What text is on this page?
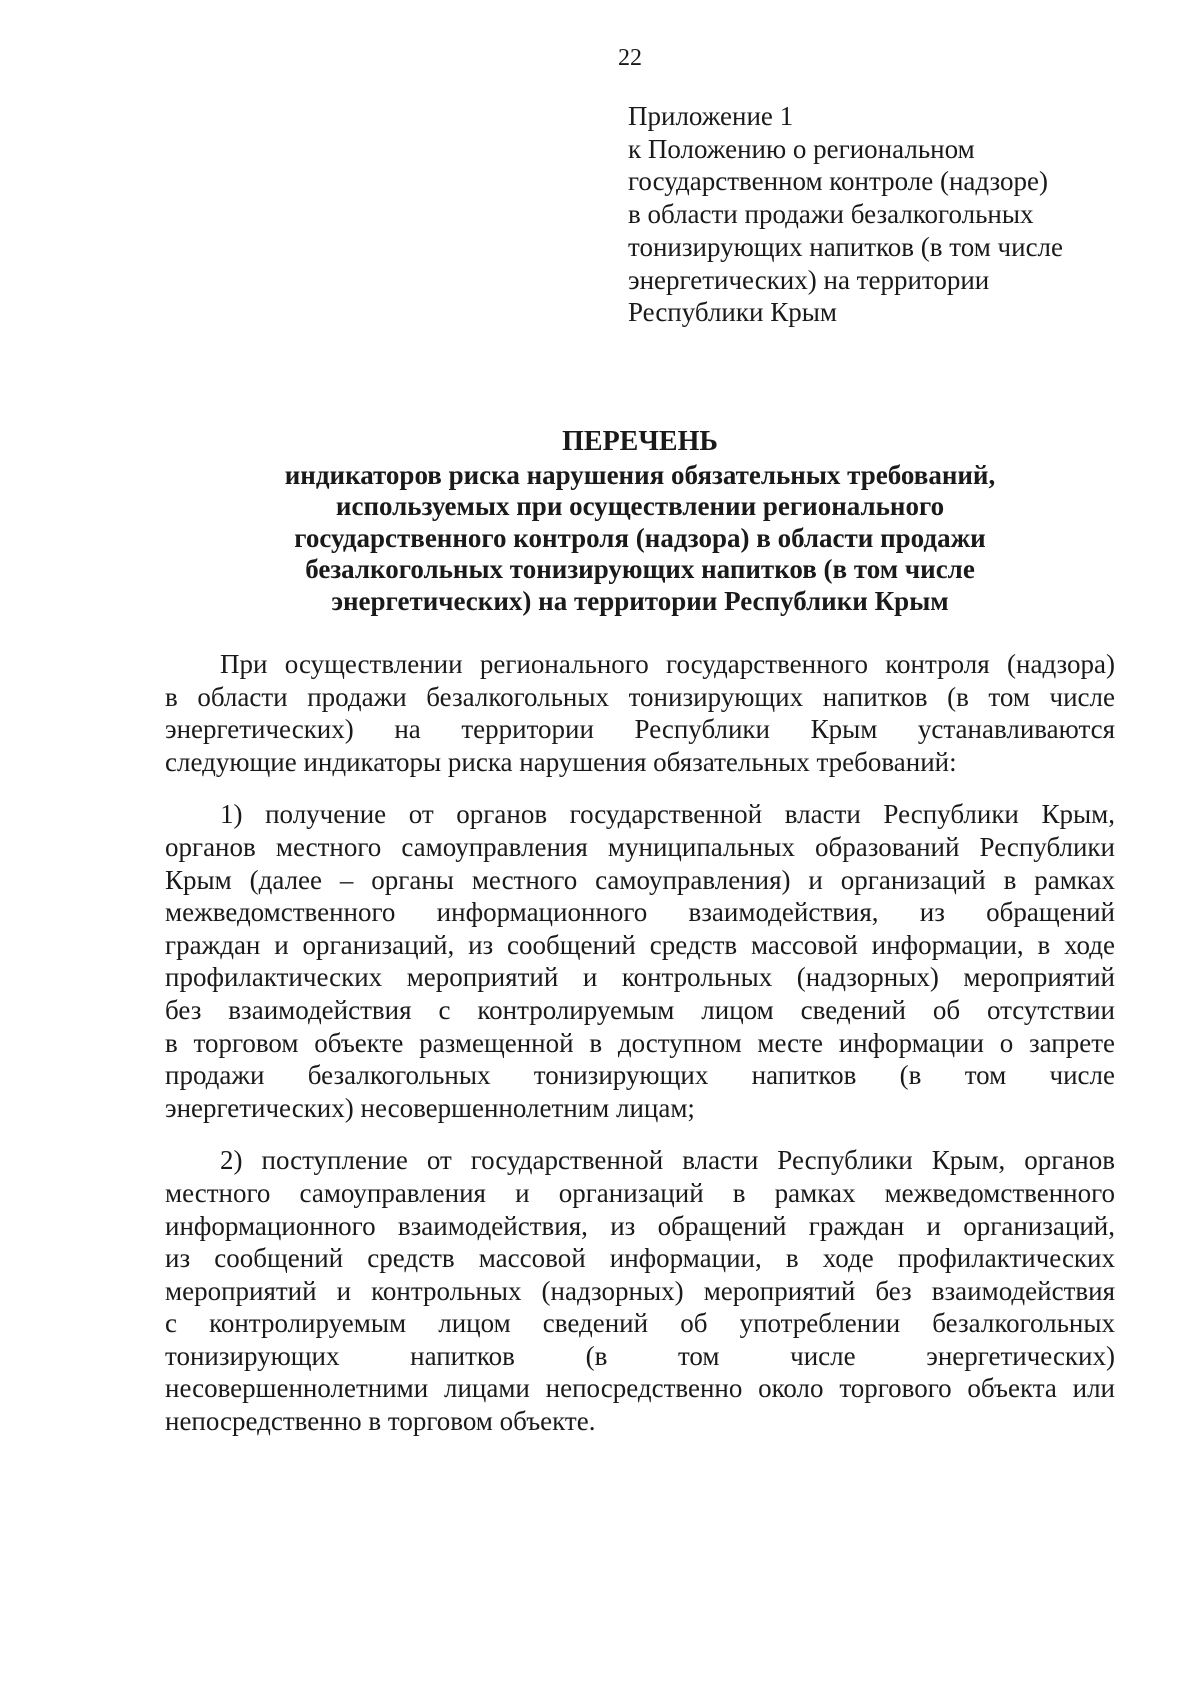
22
Приложение 1
к Положению о региональном
государственном контроле (надзоре)
в области продажи безалкогольных
тонизирующих напитков (в том числе
энергетических) на территории
Республики Крым
ПЕРЕЧЕНЬ
индикаторов риска нарушения обязательных требований,
используемых при осуществлении регионального
государственного контроля (надзора) в области продажи
безалкогольных тонизирующих напитков (в том числе
энергетических) на территории Республики Крым
При осуществлении регионального государственного контроля (надзора)
в области продажи безалкогольных тонизирующих напитков (в том числе
энергетических) на территории Республики Крым устанавливаются
следующие индикаторы риска нарушения обязательных требований:
1) получение от органов государственной власти Республики Крым,
органов местного самоуправления муниципальных образований Республики
Крым (далее – органы местного самоуправления) и организаций в рамках
межведомственного информационного взаимодействия, из обращений
граждан и организаций, из сообщений средств массовой информации, в ходе
профилактических мероприятий и контрольных (надзорных) мероприятий
без взаимодействия с контролируемым лицом сведений об отсутствии
в торговом объекте размещенной в доступном месте информации о запрете
продажи безалкогольных тонизирующих напитков (в том числе
энергетических) несовершеннолетним лицам;
2) поступление от государственной власти Республики Крым, органов
местного самоуправления и организаций в рамках межведомственного
информационного взаимодействия, из обращений граждан и организаций,
из сообщений средств массовой информации, в ходе профилактических
мероприятий и контрольных (надзорных) мероприятий без взаимодействия
с контролируемым лицом сведений об употреблении безалкогольных
тонизирующих напитков (в том числе энергетических)
несовершеннолетними лицами непосредственно около торгового объекта или
непосредственно в торговом объекте.
